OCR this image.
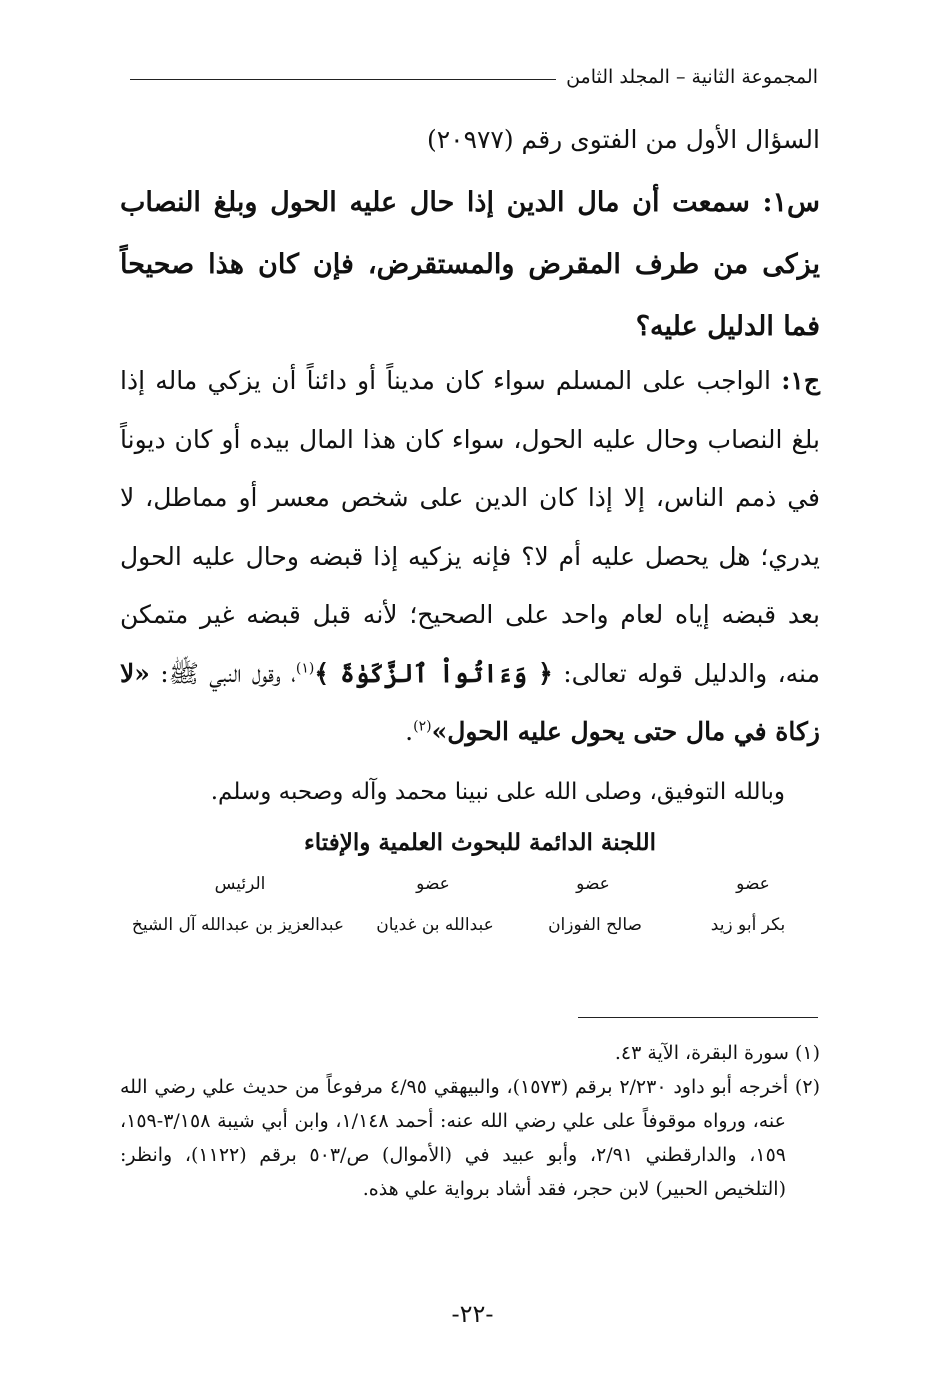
المجموعة الثانية – المجلد الثامن
السؤال الأول من الفتوى رقم (٢٠٩٧٧)
س١: سمعت أن مال الدين إذا حال عليه الحول وبلغ النصاب يزكى من طرف المقرض والمستقرض، فإن كان هذا صحيحاً فما الدليل عليه؟
ج١: الواجب على المسلم سواء كان مديناً أو دائناً أن يزكي ماله إذا بلغ النصاب وحال عليه الحول، سواء كان هذا المال بيده أو كان ديوناً في ذمم الناس، إلا إذا كان الدين على شخص معسر أو مماطل، لا يدري؛ هل يحصل عليه أم لا؟ فإنه يزكيه إذا قبضه وحال عليه الحول بعد قبضه إياه لعام واحد على الصحيح؛ لأنه قبل قبضه غير متمكن منه، والدليل قوله تعالى: ﴿ وَءَاتُواْ ٱلزَّكَوٰةَ ﴾$^{(١)}$، وقول النبي ﷺ: «لا زكاة في مال حتى يحول عليه الحول»$^{(٢)}$.
وبالله التوفيق، وصلى الله على نبينا محمد وآله وصحبه وسلم.
اللجنة الدائمة للبحوث العلمية والإفتاء
عضو
عضو
عضو
الرئيس
بكر أبو زيد
صالح الفوزان
عبدالله بن غديان
عبدالعزيز بن عبدالله آل الشيخ
(١) سورة البقرة، الآية ٤٣.
(٢) أخرجه أبو داود ٢/٢٣٠ برقم (١٥٧٣)، والبيهقي ٤/٩٥ مرفوعاً من حديث علي رضي الله عنه، ورواه موقوفاً على علي رضي الله عنه: أحمد ١/١٤٨، وابن أبي شيبة ٣/١٥٨-١٥٩، ١٥٩، والدارقطني ٢/٩١، وأبو عبيد في (الأموال) ص/٥٠٣ برقم (١١٢٢)، وانظر: (التلخيص الحبير) لابن حجر، فقد أشاد برواية علي هذه.
-٢٢-
